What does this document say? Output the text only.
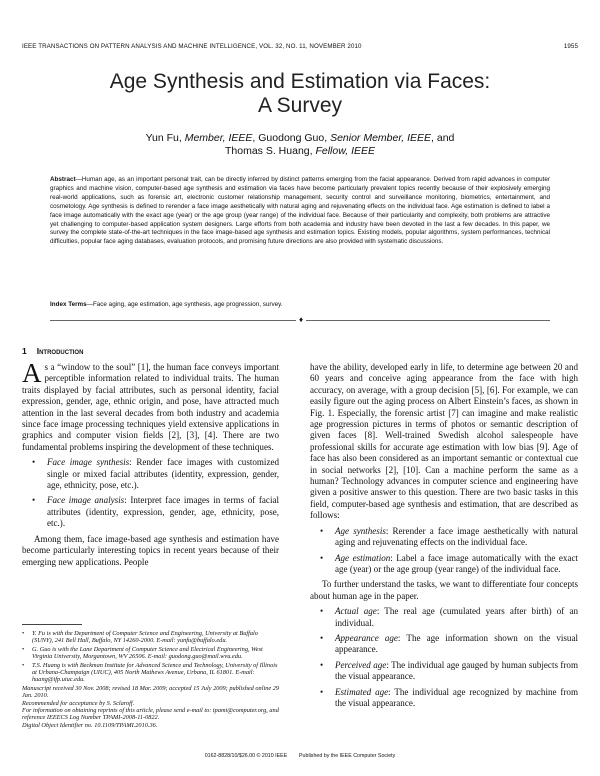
IEEE TRANSACTIONS ON PATTERN ANALYSIS AND MACHINE INTELLIGENCE, VOL. 32, NO. 11, NOVEMBER 2010	1955
Age Synthesis and Estimation via Faces:
A Survey
Yun Fu, Member, IEEE, Guodong Guo, Senior Member, IEEE, and
Thomas S. Huang, Fellow, IEEE
Abstract—Human age, as an important personal trait, can be directly inferred by distinct patterns emerging from the facial appearance. Derived from rapid advances in computer graphics and machine vision, computer-based age synthesis and estimation via faces have become particularly prevalent topics recently because of their explosively emerging real-world applications, such as forensic art, electronic customer relationship management, security control and surveillance monitoring, biometrics, entertainment, and cosmetology. Age synthesis is defined to rerender a face image aesthetically with natural aging and rejuvenating effects on the individual face. Age estimation is defined to label a face image automatically with the exact age (year) or the age group (year range) of the individual face. Because of their particularity and complexity, both problems are attractive yet challenging to computer-based application system designers. Large efforts from both academia and industry have been devoted in the last a few decades. In this paper, we survey the complete state-of-the-art techniques in the face image-based age synthesis and estimation topics. Existing models, popular algorithms, system performances, technical difficulties, popular face aging databases, evaluation protocols, and promising future directions are also provided with systematic discussions.
Index Terms—Face aging, age estimation, age synthesis, age progression, survey.
♦
1 Introduction

As a “window to the soul” [1], the human face conveys important perceptible information related to individual traits. The human traits displayed by facial attributes, such as personal identity, facial expression, gender, age, ethnic origin, and pose, have attracted much attention in the last several decades from both industry and academia since face image processing techniques yield extensive applications in graphics and computer vision fields [2], [3], [4]. There are two fundamental problems inspiring the development of these techniques.

• Face image synthesis: Render face images with customized single or mixed facial attributes (identity, expression, gender, age, ethnicity, pose, etc.).
• Face image analysis: Interpret face images in terms of facial attributes (identity, expression, gender, age, ethnicity, pose, etc.).

Among them, face image-based age synthesis and estimation have become particularly interesting topics in recent years because of their emerging new applications. People

• Y. Fu is with the Department of Computer Science and Engineering, University at Buffalo (SUNY), 241 Bell Hall, Buffalo, NY 14260-2000. E-mail: yunfu@buffalo.edu.
• G. Guo is with the Lane Department of Computer Science and Electrical Engineering, West Virginia University, Morgantown, WV 26506. E-mail: guodong.guo@mail.wvu.edu.
• T.S. Huang is with Beckman Institute for Advanced Science and Technology, University of Illinois at Urbana-Champaign (UIUC), 405 North Mathews Avenue, Urbana, IL 61801. E-mail: huang@ifp.uiuc.edu.
Manuscript received 30 Nov. 2008; revised 18 Mar. 2009; accepted 15 July 2009; published online 29 Jan. 2010.
Recommended for acceptance by S. Sclaroff.
For information on obtaining reprints of this article, please send e-mail to: tpami@computer.org, and reference IEEECS Log Number TPAMI-2008-11-0822.
Digital Object Identifier no. 10.1109/TPAMI.2010.36.

have the ability, developed early in life, to determine age between 20 and 60 years and conceive aging appearance from the face with high accuracy, on average, with a group decision [5], [6]. For example, we can easily figure out the aging process on Albert Einstein’s faces, as shown in Fig. 1. Especially, the forensic artist [7] can imagine and make realistic age progression pictures in terms of photos or semantic description of given faces [8]. Well-trained Swedish alcohol salespeople have professional skills for accurate age estimation with low bias [9]. Age of face has also been considered as an important semantic or contextual cue in social networks [2], [10]. Can a machine perform the same as a human? Technology advances in computer science and engineering have given a positive answer to this question. There are two basic tasks in this field, computer-based age synthesis and estimation, that are described as follows:

• Age synthesis: Rerender a face image aesthetically with natural aging and rejuvenating effects on the individual face.
• Age estimation: Label a face image automatically with the exact age (year) or the age group (year range) of the individual face.

To further understand the tasks, we want to differentiate four concepts about human age in the paper.

• Actual age: The real age (cumulated years after birth) of an individual.
• Appearance age: The age information shown on the visual appearance.
• Perceived age: The individual age gauged by human subjects from the visual appearance.
• Estimated age: The individual age recognized by machine from the visual appearance.
0162-8828/10/$26.00 © 2010 IEEE        Published by the IEEE Computer Society
